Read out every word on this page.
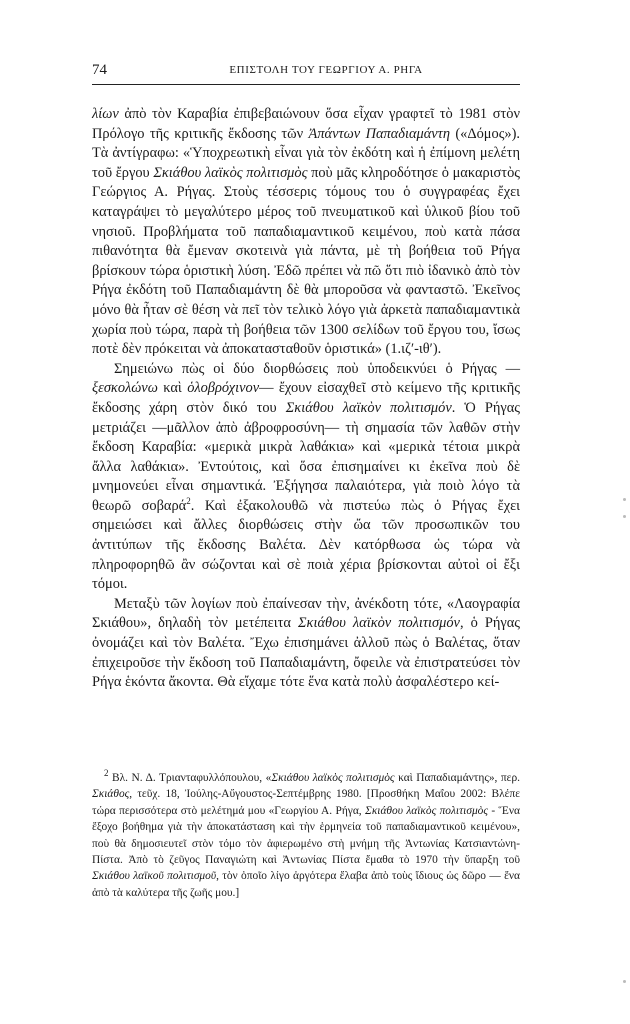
74	ΕΠΙΣΤΟΛΗ ΤΟΥ ΓΕΩΡΓΙΟΥ Α. ΡΗΓΑ

λίων ἀπὸ τὸν Καραβία ἐπιβεβαιώνουν ὅσα εἶχαν γραφτεῖ τὸ 1981 στὸν Πρόλογο τῆς κριτικῆς ἔκδοσης τῶν Ἀπάντων Παπαδιαμάντη («Δόμος»). Τὰ ἀντίγραφω: «Ὑποχρεωτικὴ εἶναι γιὰ τὸν ἐκδότη καὶ ἡ ἐπίμονη μελέτη τοῦ ἔργου Σκιάθου λαϊκὸς πολιτισμὸς ποὺ μᾶς κληροδότησε ὁ μακαριστὸς Γεώργιος Α. Ρήγας. Στοὺς τέσσερις τόμους του ὁ συγγραφέας ἔχει καταγράψει τὸ μεγαλύτερο μέρος τοῦ πνευματικοῦ καὶ ὑλικοῦ βίου τοῦ νησιοῦ. Προβλήματα τοῦ παπαδιαμαντικοῦ κειμένου, ποὺ κατὰ πάσα πιθανότητα θὰ ἔμεναν σκοτεινὰ γιὰ πάντα, μὲ τὴ βοήθεια τοῦ Ρήγα βρίσκουν τώρα ὁριστικὴ λύση. Ἐδῶ πρέπει νὰ πῶ ὅτι πιὸ ἰδανικὸ ἀπὸ τὸν Ρήγα ἐκδότη τοῦ Παπαδιαμάντη δὲ θὰ μποροῦσα νὰ φανταστῶ. Ἐκεῖνος μόνο θὰ ἦταν σὲ θέση νὰ πεῖ τὸν τελικὸ λόγο γιὰ ἀρκετὰ παπαδιαμαντικὰ χωρία ποὺ τώρα, παρὰ τὴ βοήθεια τῶν 1300 σελίδων τοῦ ἔργου του, ἴσως ποτὲ δὲν πρόκειται νὰ ἀποκατασταθοῦν ὁριστικά» (1.ιζ′-ιθ′).

Σημειώνω πὼς οἱ δύο διορθώσεις ποὺ ὑποδεικνύει ὁ Ρήγας —ξεσκολώνω καὶ ὁλοβρόχινον— ἔχουν εἰσαχθεῖ στὸ κείμενο τῆς κριτικῆς ἔκδοσης χάρη στὸν δικό του Σκιάθου λαϊκὸν πολιτισμόν. Ὁ Ρήγας μετριάζει —μᾶλλον ἀπὸ ἀβροφροσύνη— τὴ σημασία τῶν λαθῶν στὴν ἔκδοση Καραβία: «μερικὰ μικρὰ λαθάκια» καὶ «μερικὰ τέτοια μικρὰ ἄλλα λαθάκια». Ἐντούτοις, καὶ ὅσα ἐπισημαίνει κι ἐκεῖνα ποὺ δὲ μνημονεύει εἶναι σημαντικά. Ἐξήγησα παλαιότερα, γιὰ ποιὸ λόγο τὰ θεωρῶ σοβαρά$^2$. Καὶ ἐξακολουθῶ νὰ πιστεύω πὼς ὁ Ρήγας ἔχει σημειώσει καὶ ἄλλες διορθώσεις στὴν ὤα τῶν προσωπικῶν του ἀντιτύπων τῆς ἔκδοσης Βαλέτα. Δὲν κατόρθωσα ὡς τώρα νὰ πληροφορηθῶ ἂν σώζονται καὶ σὲ ποιὰ χέρια βρίσκονται αὐτοὶ οἱ ἔξι τόμοι.

Μεταξὺ τῶν λογίων ποὺ ἐπαίνεσαν τὴν, ἀνέκδοτη τότε, «Λαογραφία Σκιάθου», δηλαδὴ τὸν μετέπειτα Σκιάθου λαϊκὸν πολιτισμόν, ὁ Ρήγας ὀνομάζει καὶ τὸν Βαλέτα. Ἔχω ἐπισημάνει ἀλλοῦ πὼς ὁ Βαλέτας, ὅταν ἐπιχειροῦσε τὴν ἔκδοση τοῦ Παπαδιαμάντη, ὄφειλε νὰ ἐπιστρατεύσει τὸν Ρήγα ἑκόντα ἄκοντα. Θὰ εἴχαμε τότε ἕνα κατὰ πολὺ ἀσφαλέστερο κεί-

$^2$ Βλ. Ν. Δ. Τριανταφυλλόπουλου, «Σκιάθου λαϊκὸς πολιτισμὸς καὶ Παπαδιαμάντης», περ. Σκιάθος, τεῦχ. 18, Ἰούλης-Αὔγουστος-Σεπτέμβρης 1980. [Προσθήκη Μαΐου 2002: Βλέπε τώρα περισσότερα στὸ μελέτημά μου «Γεωργίου Α. Ρήγα, Σκιάθου λαϊκὸς πολιτισμὸς - Ἕνα ἔξοχο βοήθημα γιὰ τὴν ἀποκατάσταση καὶ τὴν ἑρμηνεία τοῦ παπαδιαμαντικοῦ κειμένου», ποὺ θὰ δημοσιευτεῖ στὸν τόμο τὸν ἀφιερωμένο στὴ μνήμη τῆς Ἀντωνίας Κατσιαντώνη-Πίστα. Ἀπὸ τὸ ζεῦγος Παναγιώτη καὶ Ἀντωνίας Πίστα ἔμαθα τὸ 1970 τὴν ὕπαρξη τοῦ Σκιάθου λαϊκοῦ πολιτισμοῦ, τὸν ὁποῖο λίγο ἀργότερα ἔλαβα ἀπὸ τοὺς ἴδιους ὡς δῶρο — ἕνα ἀπὸ τὰ καλύτερα τῆς ζωῆς μου.]
